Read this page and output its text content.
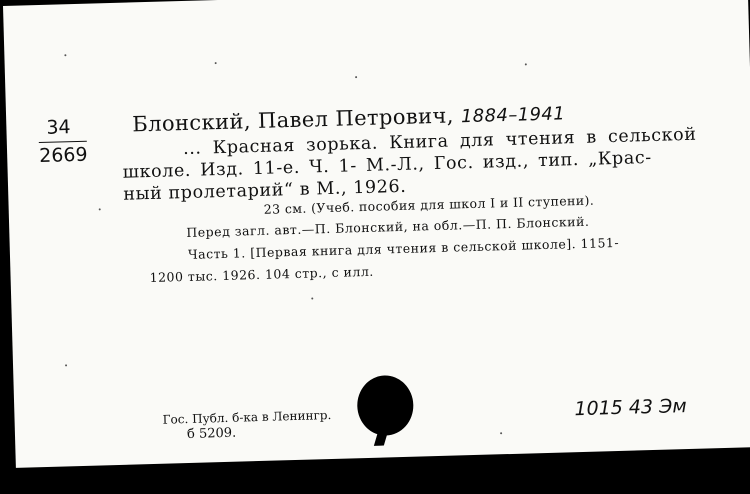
34
2669
Блонский, Павел Петрович, 1884–1941
... Красная зорька. Книга для чтения в сельской
школе. Изд. 11-е. Ч. 1- M.-Л., Гос. изд., тип. „Крас-
ный пролетарий“ в М., 1926.
23 см. (Учеб. пособия для школ I и II ступени).
Перед загл. авт.—П. Блонский, на обл.—П. П. Блонский.
Часть 1. [Первая книга для чтения в сельской школе]. 1151-
1200 тыс. 1926. 104 стр., с илл.
Гос. Публ. б-ка в Ленингр.
б 5209.
1015 43 Эм
